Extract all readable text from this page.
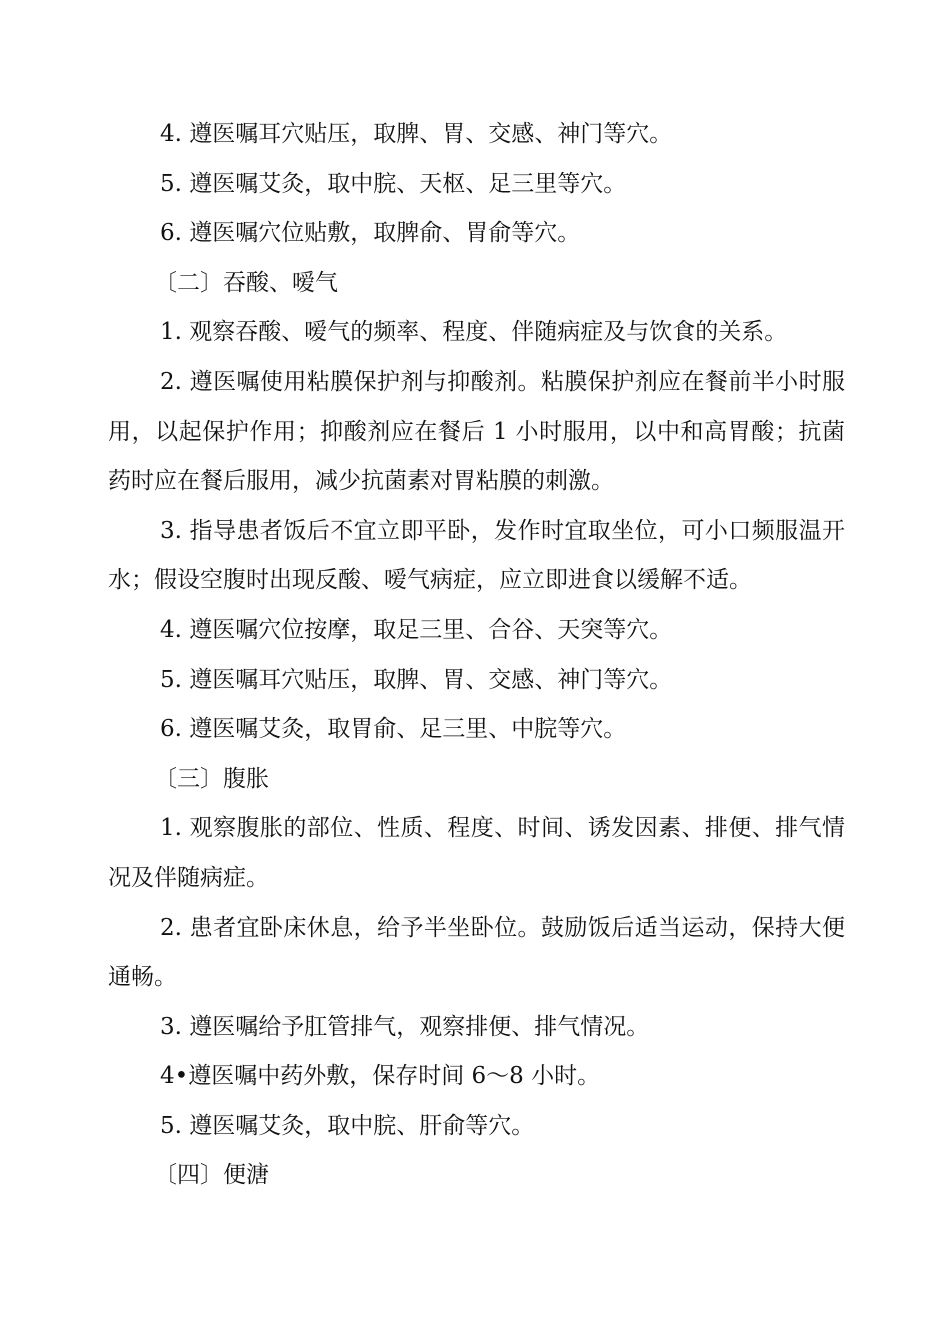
4. 遵医嘱耳穴贴压，取脾、胃、交感、神门等穴。

5. 遵医嘱艾灸，取中脘、天枢、足三里等穴。

6. 遵医嘱穴位贴敷，取脾俞、胃俞等穴。

〔二〕吞酸、嗳气

1. 观察吞酸、嗳气的频率、程度、伴随病症及与饮食的关系。

2. 遵医嘱使用粘膜保护剂与抑酸剂。粘膜保护剂应在餐前半小时服用，以起保护作用；抑酸剂应在餐后 1 小时服用，以中和高胃酸；抗菌药时应在餐后服用，减少抗菌素对胃粘膜的刺激。

3. 指导患者饭后不宜立即平卧，发作时宜取坐位，可小口频服温开水；假设空腹时出现反酸、嗳气病症，应立即进食以缓解不适。

4. 遵医嘱穴位按摩，取足三里、合谷、天突等穴。

5. 遵医嘱耳穴贴压，取脾、胃、交感、神门等穴。

6. 遵医嘱艾灸，取胃俞、足三里、中脘等穴。

〔三〕腹胀

1. 观察腹胀的部位、性质、程度、时间、诱发因素、排便、排气情况及伴随病症。

2. 患者宜卧床休息，给予半坐卧位。鼓励饭后适当运动，保持大便通畅。

3. 遵医嘱给予肛管排气，观察排便、排气情况。

4•遵医嘱中药外敷，保存时间 6〜8 小时。

5. 遵医嘱艾灸，取中脘、肝俞等穴。

〔四〕便溏
